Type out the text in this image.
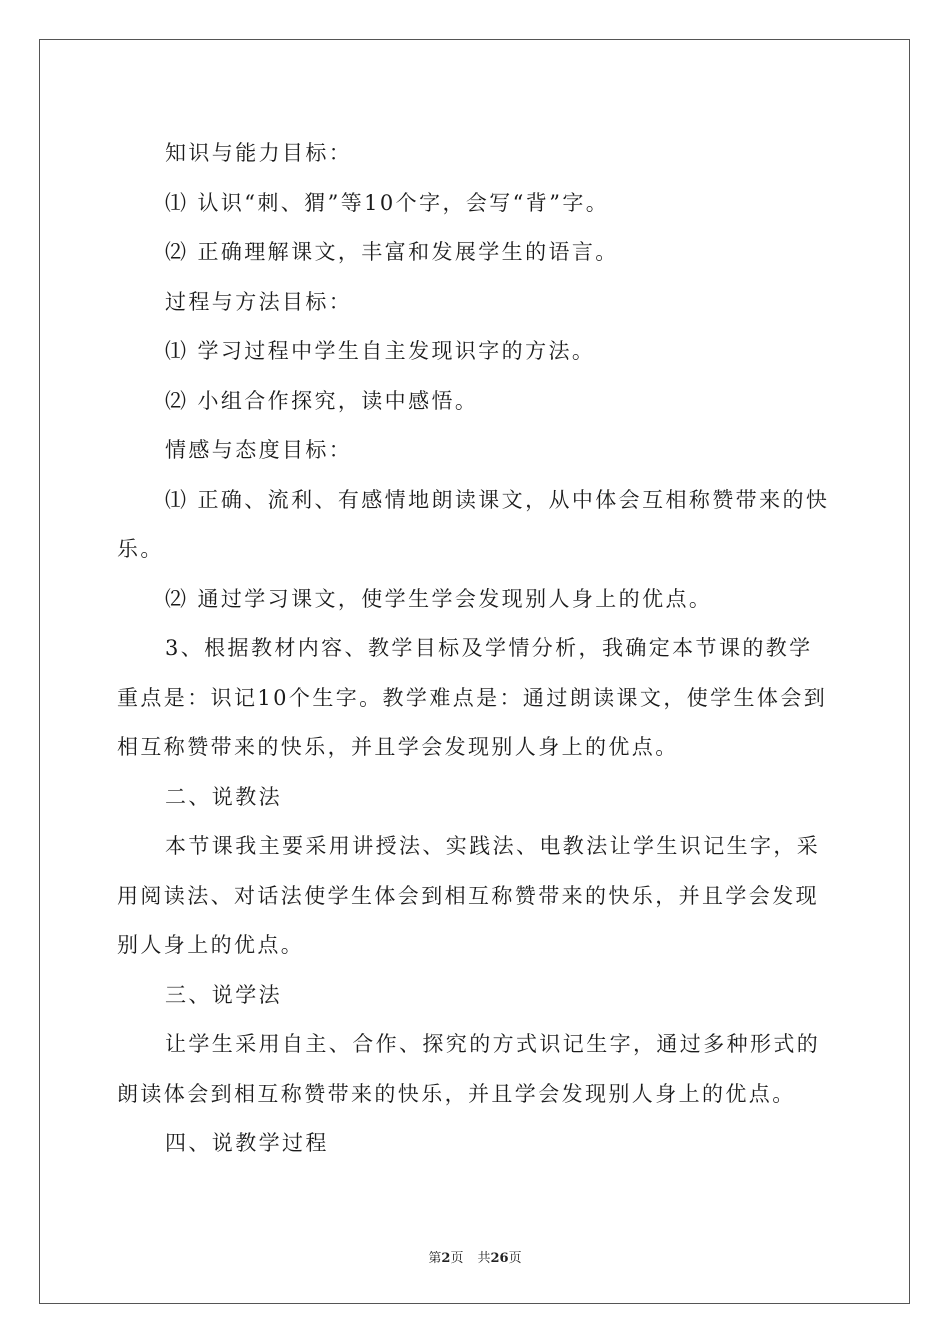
知识与能力目标：

⑴ 认识“刺、猬”等10个字，会写“背”字。

⑵ 正确理解课文，丰富和发展学生的语言。

过程与方法目标：

⑴ 学习过程中学生自主发现识字的方法。

⑵ 小组合作探究，读中感悟。

情感与态度目标：

⑴ 正确、流利、有感情地朗读课文，从中体会互相称赞带来的快乐。

⑵ 通过学习课文，使学生学会发现别人身上的优点。

3、根据教材内容、教学目标及学情分析，我确定本节课的教学重点是：识记10个生字。教学难点是：通过朗读课文，使学生体会到相互称赞带来的快乐，并且学会发现别人身上的优点。

二、说教法

本节课我主要采用讲授法、实践法、电教法让学生识记生字，采用阅读法、对话法使学生体会到相互称赞带来的快乐，并且学会发现别人身上的优点。

三、说学法

让学生采用自主、合作、探究的方式识记生字，通过多种形式的朗读体会到相互称赞带来的快乐，并且学会发现别人身上的优点。

四、说教学过程

第2页 共26页
